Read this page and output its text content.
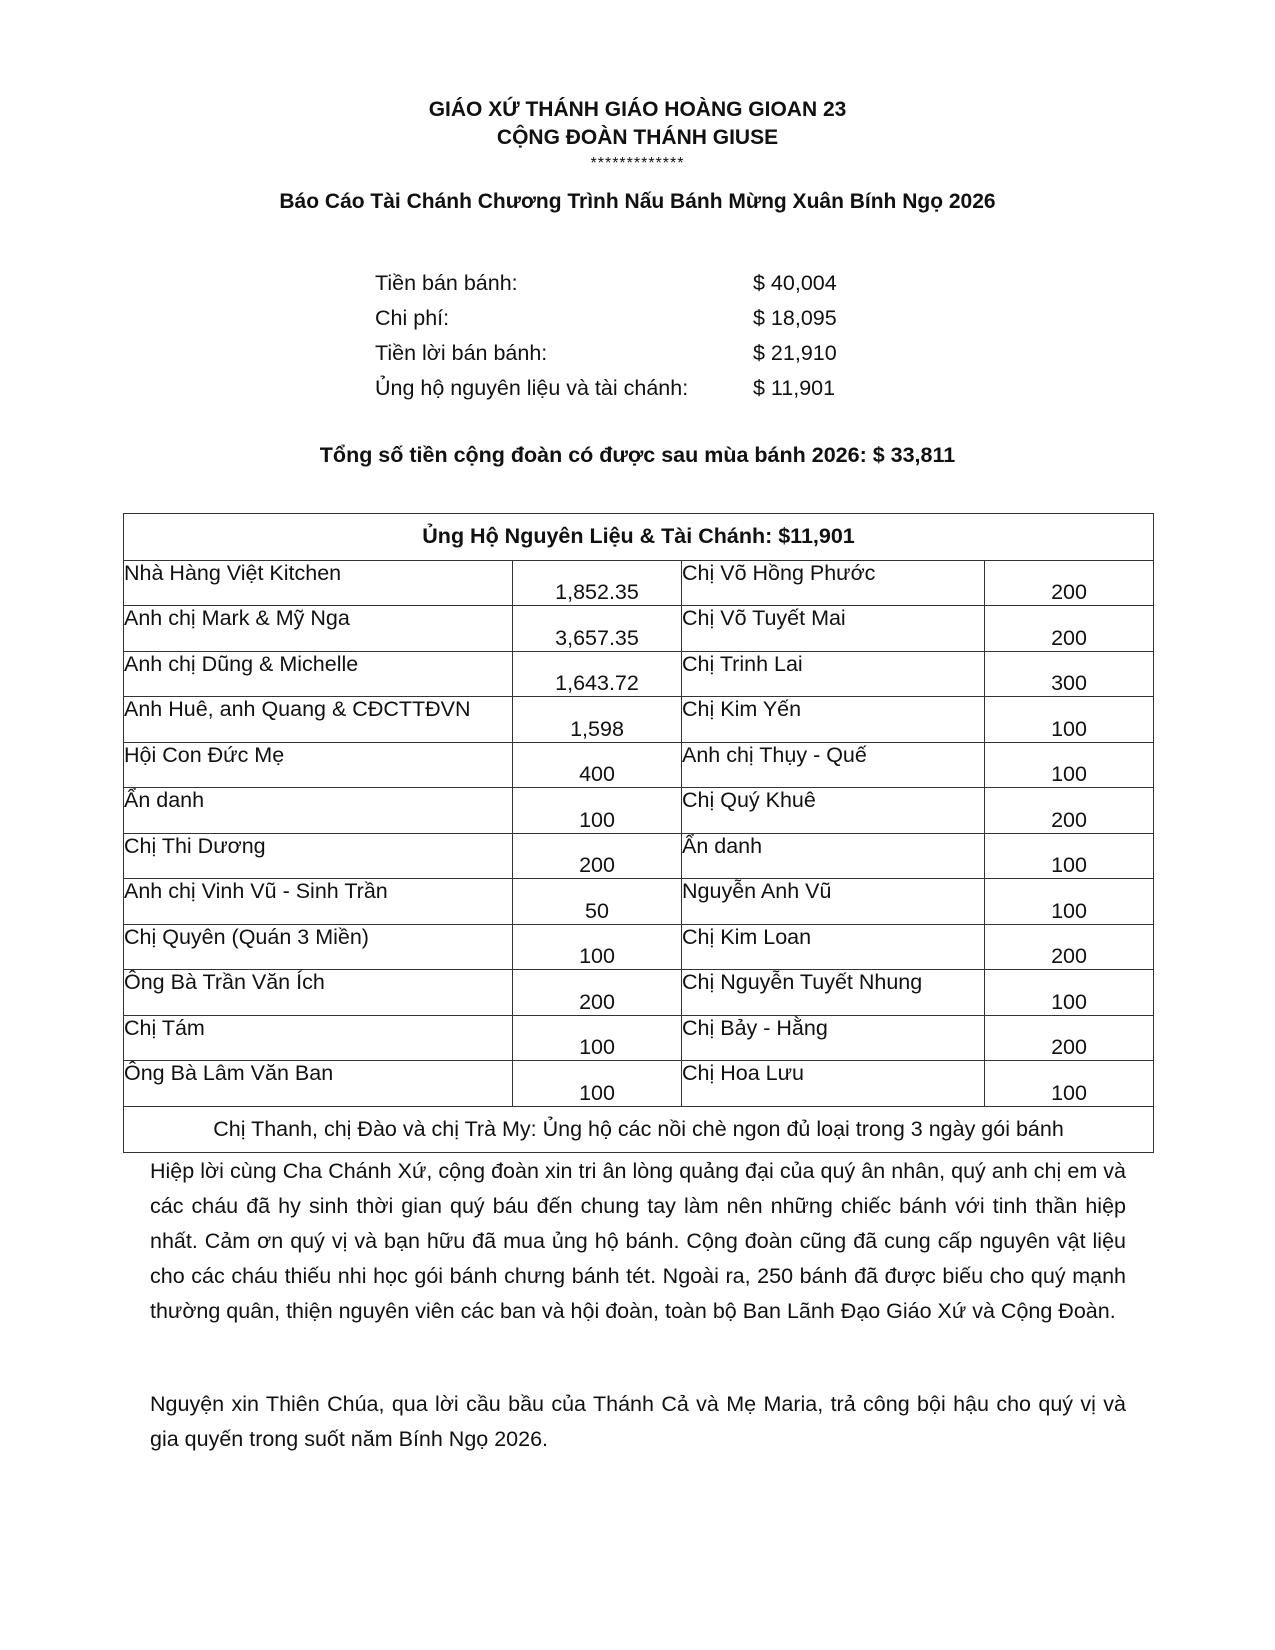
GIÁO XỨ THÁNH GIÁO HOÀNG GIOAN 23
CỘNG ĐOÀN THÁNH GIUSE
*************
Báo Cáo Tài Chánh Chương Trình Nấu Bánh Mừng Xuân Bính Ngọ 2026
Tiền bán bánh:	$ 40,004
Chi phí:	$ 18,095
Tiền lời bán bánh:	$ 21,910
Ủng hộ nguyên liệu và tài chánh:	$ 11,901
Tổng số tiền cộng đoàn có được sau mùa bánh 2026: $ 33,811
Ủng Hộ Nguyên Liệu & Tài Chánh: $11,901			
Nhà Hàng Việt Kitchen	1,852.35	Chị Võ Hồng Phước	200
Anh chị Mark & Mỹ Nga	3,657.35	Chị Võ Tuyết Mai	200
Anh chị Dũng & Michelle	1,643.72	Chị Trinh Lai	300
Anh Huê, anh Quang & CĐCTTĐVN	1,598	Chị Kim Yến	100
Hội Con Đức Mẹ	400	Anh chị Thụy - Quế	100
Ẩn danh	100	Chị Quý Khuê	200
Chị Thi Dương	200	Ẩn danh	100
Anh chị Vinh Vũ - Sinh Trần	50	Nguyễn Anh Vũ	100
Chị Quyên (Quán 3 Miền)	100	Chị Kim Loan	200
Ông Bà Trần Văn Ích	200	Chị Nguyễn Tuyết Nhung	100
Chị Tám	100	Chị Bảy - Hằng	200
Ông Bà Lâm Văn Ban	100	Chị Hoa Lưu	100
Chị Thanh, chị Đào và chị Trà My: Ủng hộ các nồi chè ngon đủ loại trong 3 ngày gói bánh			
Hiệp lời cùng Cha Chánh Xứ, cộng đoàn xin tri ân lòng quảng đại của quý ân nhân, quý anh chị em và các cháu đã hy sinh thời gian quý báu đến chung tay làm nên những chiếc bánh với tinh thần hiệp nhất. Cảm ơn quý vị và bạn hữu đã mua ủng hộ bánh. Cộng đoàn cũng đã cung cấp nguyên vật liệu cho các cháu thiếu nhi học gói bánh chưng bánh tét. Ngoài ra, 250 bánh đã được biếu cho quý mạnh thường quân, thiện nguyên viên các ban và hội đoàn, toàn bộ Ban Lãnh Đạo Giáo Xứ và Cộng Đoàn.
Nguyện xin Thiên Chúa, qua lời cầu bầu của Thánh Cả và Mẹ Maria, trả công bội hậu cho quý vị và gia quyến trong suốt năm Bính Ngọ 2026.
